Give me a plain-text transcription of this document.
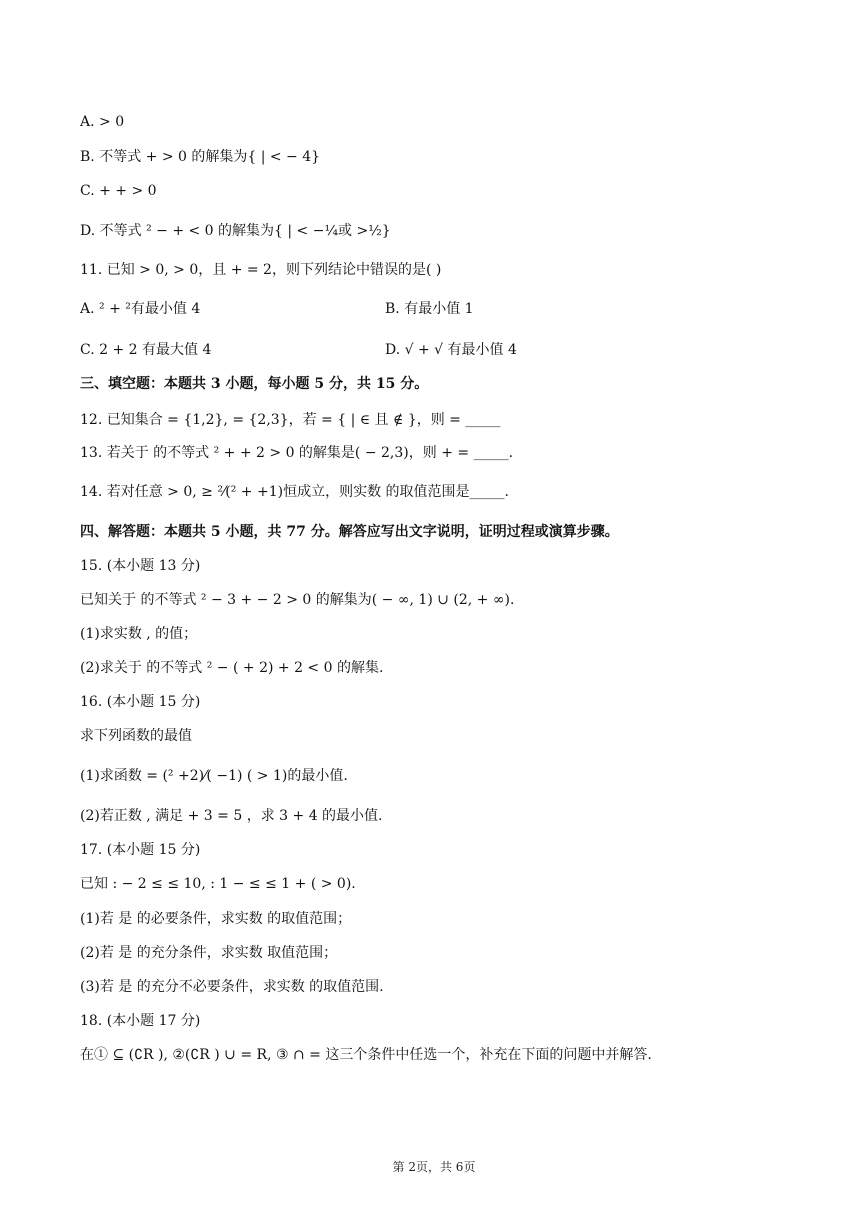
A. > 0
B. 不等式 + > 0 的解集为{ | < − 4}
C. + + > 0
D. 不等式 ² − + < 0 的解集为{ | < −¼或 >½}
11. 已知 > 0, > 0，且 + = 2，则下列结论中错误的是( )
A. ² + ²有最小值 4	B. 有最小值 1
C. 2 + 2 有最大值 4	D. √ + √ 有最小值 4
三、填空题：本题共 3 小题，每小题 5 分，共 15 分。
12. 已知集合 = {1,2}, = {2,3}，若 = { | ∈ 且 ∉ }，则 = _____
13. 若关于 的不等式 ² + + 2 > 0 的解集是( − 2,3)，则 + = _____.
14. 若对任意 > 0, ≥ ²⁄(² + +1)恒成立，则实数 的取值范围是_____.
四、解答题：本题共 5 小题，共 77 分。解答应写出文字说明，证明过程或演算步骤。
15. (本小题 13 分)
已知关于 的不等式 ² − 3 + − 2 > 0 的解集为( − ∞, 1) ∪ (2, + ∞).
(1)求实数 , 的值；
(2)求关于 的不等式 ² − ( + 2) + 2 < 0 的解集.
16. (本小题 15 分)
求下列函数的最值
(1)求函数 = (² +2)⁄( −1) ( > 1)的最小值.
(2)若正数 , 满足 + 3 = 5 ，求 3 + 4 的最小值.
17. (本小题 15 分)
已知 : − 2 ≤ ≤ 10, : 1 − ≤ ≤ 1 + ( > 0).
(1)若 是 的必要条件，求实数 的取值范围；
(2)若 是 的充分条件，求实数 取值范围；
(3)若 是 的充分不必要条件，求实数 的取值范围.
18. (本小题 17 分)
在① ⊆ (∁R ), ②(∁R ) ∪ = R, ③ ∩ = 这三个条件中任选一个，补充在下面的问题中并解答.
第 2页，共 6页
